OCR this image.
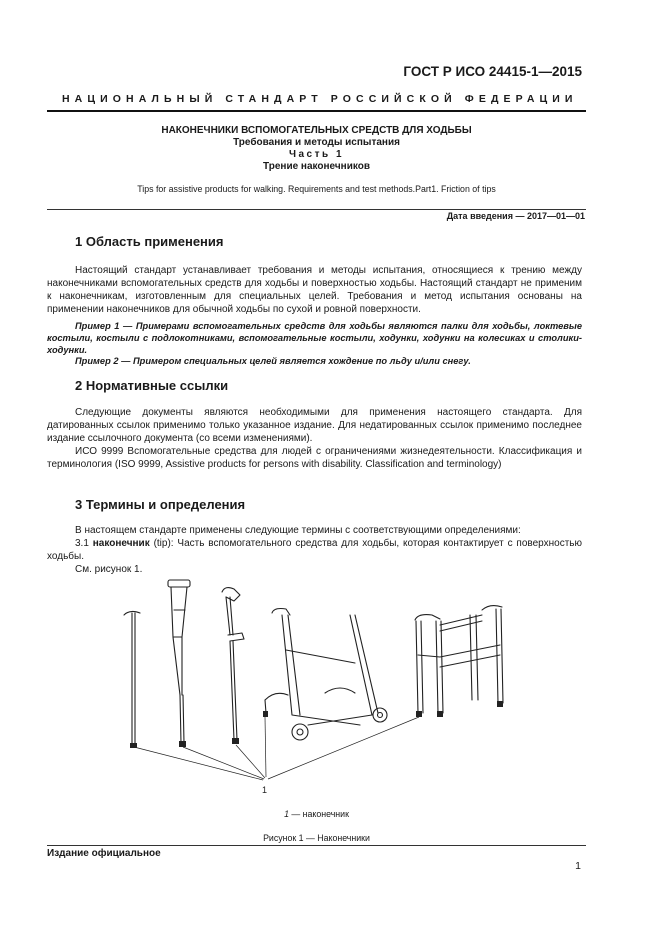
ГОСТ Р ИСО 24415-1—2015
НАЦИОНАЛЬНЫЙ СТАНДАРТ РОССИЙСКОЙ ФЕДЕРАЦИИ
НАКОНЕЧНИКИ ВСПОМОГАТЕЛЬНЫХ СРЕДСТВ ДЛЯ ХОДЬБЫ
Требования и методы испытания
Часть 1
Трение наконечников
Tips for assistive products for walking. Requirements and test methods.Part1. Friction of tips
Дата введения — 2017—01—01
1 Область применения

Настоящий стандарт устанавливает требования и методы испытания, относящиеся к трению между наконечниками вспомогательных средств для ходьбы и поверхностью ходьбы. Настоящий стандарт не применим к наконечникам, изготовленным для специальных целей. Требования и метод испытания основаны на применении наконечников для обычной ходьбы по сухой и ровной поверхности.

Пример 1 — Примерами вспомогательных средств для ходьбы являются палки для ходьбы, локтевые костыли, костыли с подлокотниками, вспомогательные костыли, ходунки, ходунки на колесиках и столики-ходунки.

Пример 2 — Примером специальных целей является хождение по льду и/или снегу.

2 Нормативные ссылки

Следующие документы являются необходимыми для применения настоящего стандарта. Для датированных ссылок применимо только указанное издание. Для недатированных ссылок применимо последнее издание ссылочного документа (со всеми изменениями).

ИСО 9999 Вспомогательные средства для людей с ограничениями жизнедеятельности. Классификация и терминология (ISO 9999, Assistive products for persons with disability. Classification and terminology)

3 Термины и определения

В настоящем стандарте применены следующие термины с соответствующими определениями:

3.1 наконечник (tip): Часть вспомогательного средства для ходьбы, которая контактирует с поверхностью ходьбы.

См. рисунок 1.

1
1 — наконечник
Рисунок 1 — Наконечники
Издание официальное
1
